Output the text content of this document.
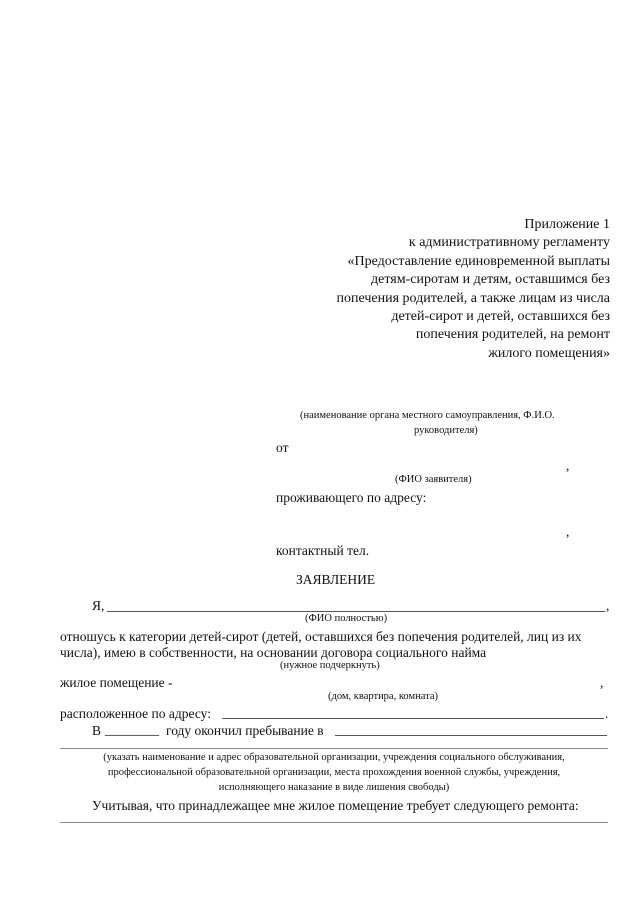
Приложение 1
к административному регламенту
«Предоставление единовременной выплаты
детям-сиротам и детям, оставшимся без
попечения родителей, а также лицам из числа
детей-сирот и детей, оставшихся без
попечения родителей, на ремонт
жилого помещения»
(наименование органа местного самоуправления, Ф.И.О.
руководителя)
от
,
(ФИО заявителя)
проживающего по адресу:
,
контактный тел.
ЗАЯВЛЕНИЕ
Я,	,
(ФИО полностью)
отношусь к категории детей-сирот (детей, оставшихся без попечения родителей, лиц из их
числа), имею в собственности, на основании договора социального найма
(нужное подчеркнуть)
жилое помещение -	,
(дом, квартира, комната)
расположенное по адресу:	.
В ________ году окончил пребывание в
(указать наименование и адрес образовательной организации, учреждения социального обслуживания,
профессиональной образовательной организации, места прохождения военной службы, учреждения,
исполняющего наказание в виде лишения свободы)
Учитывая, что принадлежащее мне жилое помещение требует следующего ремонта:
